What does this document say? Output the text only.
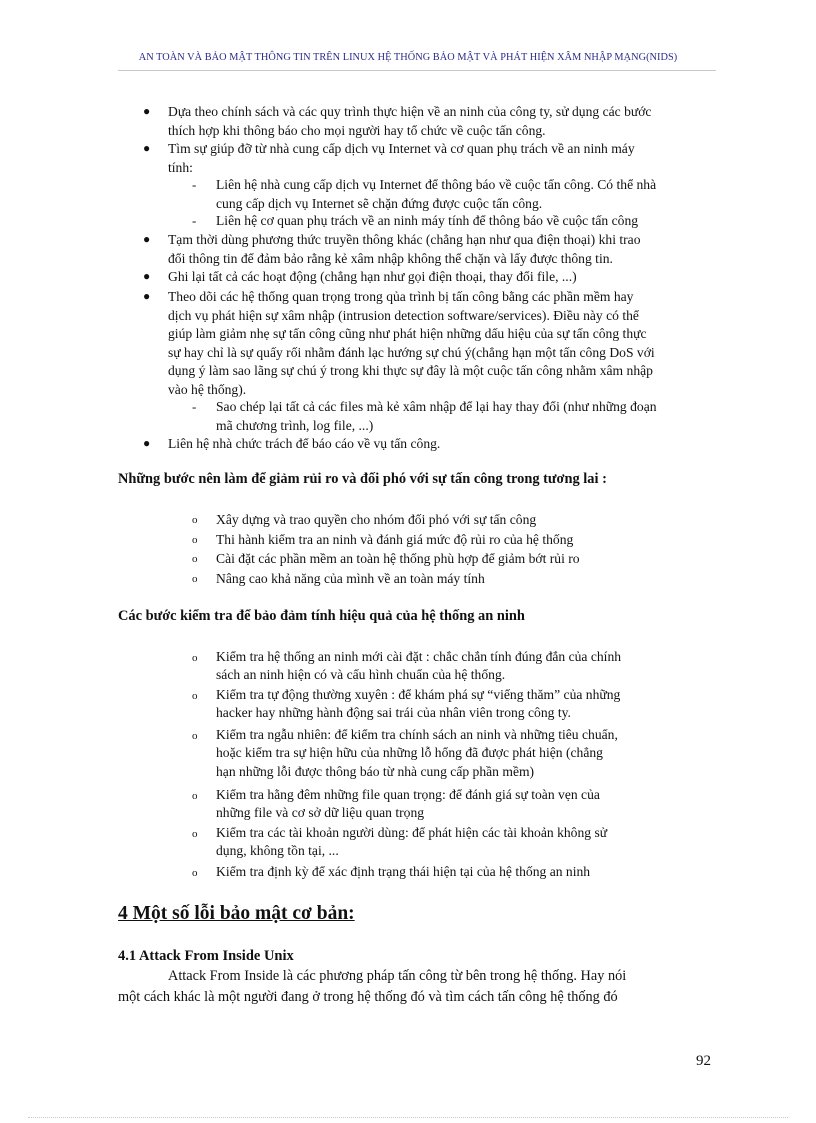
AN TOÀN VÀ BẢO MẬT THÔNG TIN TRÊN LINUX HỆ THỐNG BẢO MẬT VÀ PHÁT HIỆN XÂM NHẬP MẠNG(NIDS)
● Dựa theo chính sách và các quy trình thực hiện về an ninh của công ty, sử dụng các bước
thích hợp khi thông báo cho mọi người hay tổ chức về cuộc tấn công.
● Tìm sự giúp đỡ từ nhà cung cấp dịch vụ Internet và cơ quan phụ trách về an ninh máy
tính:
- Liên hệ nhà cung cấp dịch vụ Internet để thông báo về cuộc tấn công. Có thể nhà
cung cấp dịch vụ Internet sẽ chặn đứng được cuộc tấn công.
- Liên hệ cơ quan phụ trách về an ninh máy tính để thông báo về cuộc tấn công
● Tạm thời dùng phương thức truyền thông khác (chẳng hạn như qua điện thoại) khi trao
đổi thông tin để đảm bảo rằng kẻ xâm nhập không thể chặn và lấy được thông tin.
● Ghi lại tất cả các hoạt động (chẳng hạn như gọi điện thoại, thay đổi file, ...)
● Theo dõi các hệ thống quan trọng trong qủa trình bị tấn công bằng các phần mềm hay
dịch vụ phát hiện sự xâm nhập (intrusion detection software/services). Điều này có thể
giúp làm giảm nhẹ sự tấn công cũng như phát hiện những dấu hiệu của sự tấn công thực
sự hay chỉ là sự quấy rối nhằm đánh lạc hướng sự chú ý(chẳng hạn một tấn công DoS với
dụng ý làm sao lãng sự chú ý trong khi thực sự đây là một cuộc tấn công nhằm xâm nhập
vào hệ thống).
- Sao chép lại tất cả các files mà kẻ xâm nhập để lại hay thay đổi (như những đoạn
mã chương trình, log file, ...)
● Liên hệ nhà chức trách để báo cáo về vụ tấn công.
Những bước nên làm để giảm rủi ro và đối phó với sự tấn công trong tương lai :
o
o
o
o
Xây dựng và trao quyền cho nhóm đối phó với sự tấn công
Thi hành kiểm tra an ninh và đánh giá mức độ rủi ro của hệ thống
Cài đặt các phần mềm an toàn hệ thống phù hợp để giảm bớt rủi ro
Nâng cao khả năng của mình về an toàn máy tính
Các bước kiểm tra để bảo đảm tính hiệu quả của hệ thống an ninh
o Kiểm tra hệ thống an ninh mới cài đặt : chắc chắn tính đúng đắn của chính
sách an ninh hiện có và cấu hình chuẩn của hệ thống.
o Kiểm tra tự động thường xuyên : để khám phá sự “viếng thăm” của những
hacker hay những hành động sai trái của nhân viên trong công ty.
o Kiểm tra ngẫu nhiên: để kiểm tra chính sách an ninh và những tiêu chuẩn,
hoặc kiểm tra sự hiện hữu của những lỗ hổng đã được phát hiện (chẳng
hạn những lỗi được thông báo từ nhà cung cấp phần mềm)
o Kiểm tra hằng đêm những file quan trọng: để đánh giá sự toàn vẹn của
những file và cơ sở dữ liệu quan trọng
o Kiểm tra các tài khoản người dùng: để phát hiện các tài khoản không sử
dụng, không tồn tại, ...
o Kiểm tra định kỳ để xác định trạng thái hiện tại của hệ thống an ninh
4 Một số lỗi bảo mật cơ bản:
4.1 Attack From Inside Unix
Attack From Inside là các phương pháp tấn công từ bên trong hệ thống. Hay nói
một cách khác là một người đang ở trong hệ thống đó và tìm cách tấn công hệ thống đó
92
